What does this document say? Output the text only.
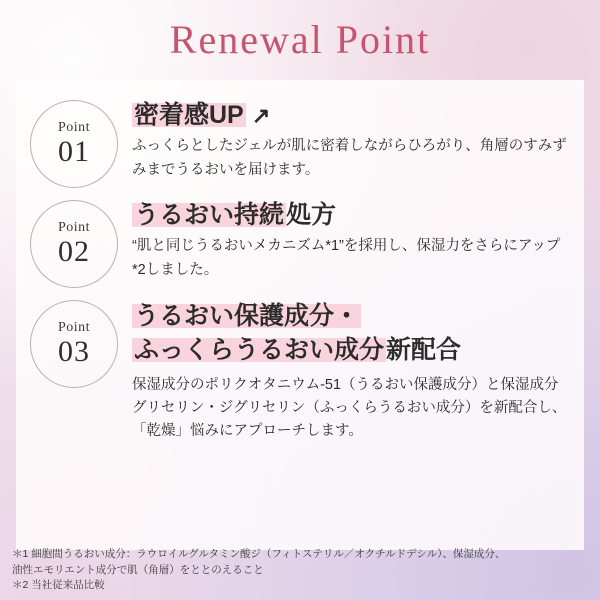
Renewal Point
Point
01

密着感UP ↗

ふっくらとしたジェルが肌に密着しながらひろがり、角層のすみずみまでうるおいを届けます。

Point
02

うるおい持続処方

“肌と同じうるおいメカニズム*1”を採用し、保湿力をさらにアップ*2しました。

Point
03

うるおい保護成分・
ふっくらうるおい成分新配合

保湿成分のポリクオタニウム-51（うるおい保護成分）と保湿成分グリセリン・ジグリセリン（ふっくらうるおい成分）を新配合し、「乾燥」悩みにアプローチします。

＊1 細胞間うるおい成分：ラウロイルグルタミン酸ジ（フィトステリル／オクチルドデシル）、保湿成分、
油性エモリエント成分で肌（角層）をととのえること
＊2 当社従来品比較
